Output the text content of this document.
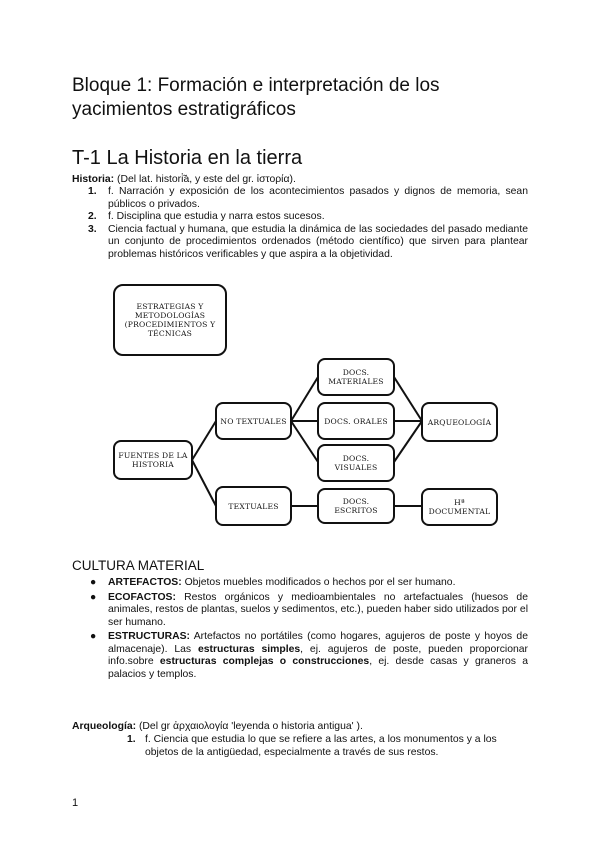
Bloque 1: Formación e interpretación de los yacimientos estratigráficos
T-1 La Historia en la tierra
Historia: (Del lat. histori̇̃a, y este del gr. ἱστορία).
1. f. Narración y exposición de los acontecimientos pasados y dignos de memoria, sean públicos o privados.
2. f. Disciplina que estudia y narra estos sucesos.
3. Ciencia factual y humana, que estudia la dinámica de las sociedades del pasado mediante un conjunto de procedimientos ordenados (método científico) que sirven para plantear problemas históricos verificables y que aspira a la objetividad.
ESTRATEGIAS Y METODOLOGÍAS (PROCEDIMIENTOS Y TÉCNICAS
FUENTES DE LA HISTORIA
NO TEXTUALES
TEXTUALES
DOCS. MATERIALES
DOCS. ORALES
DOCS. VISUALES
DOCS. ESCRITOS
ARQUEOLOGÍA
Hª DOCUMENTAL
CULTURA MATERIAL
● ARTEFACTOS: Objetos muebles modificados o hechos por el ser humano.
● ECOFACTOS: Restos orgánicos y medioambientales no artefactuales (huesos de animales, restos de plantas, suelos y sedimentos, etc.), pueden haber sido utilizados por el ser humano.
● ESTRUCTURAS: Artefactos no portátiles (como hogares, agujeros de poste y hoyos de almacenaje). Las estructuras simples, ej. agujeros de poste, pueden proporcionar info.sobre estructuras complejas o construcciones, ej. desde casas y graneros a palacios y templos.
Arqueología: (Del gr ἀρχαιολογία 'leyenda o historia antigua' ).
1. f. Ciencia que estudia lo que se refiere a las artes, a los monumentos y a los objetos de la antigüedad, especialmente a través de sus restos.
1
